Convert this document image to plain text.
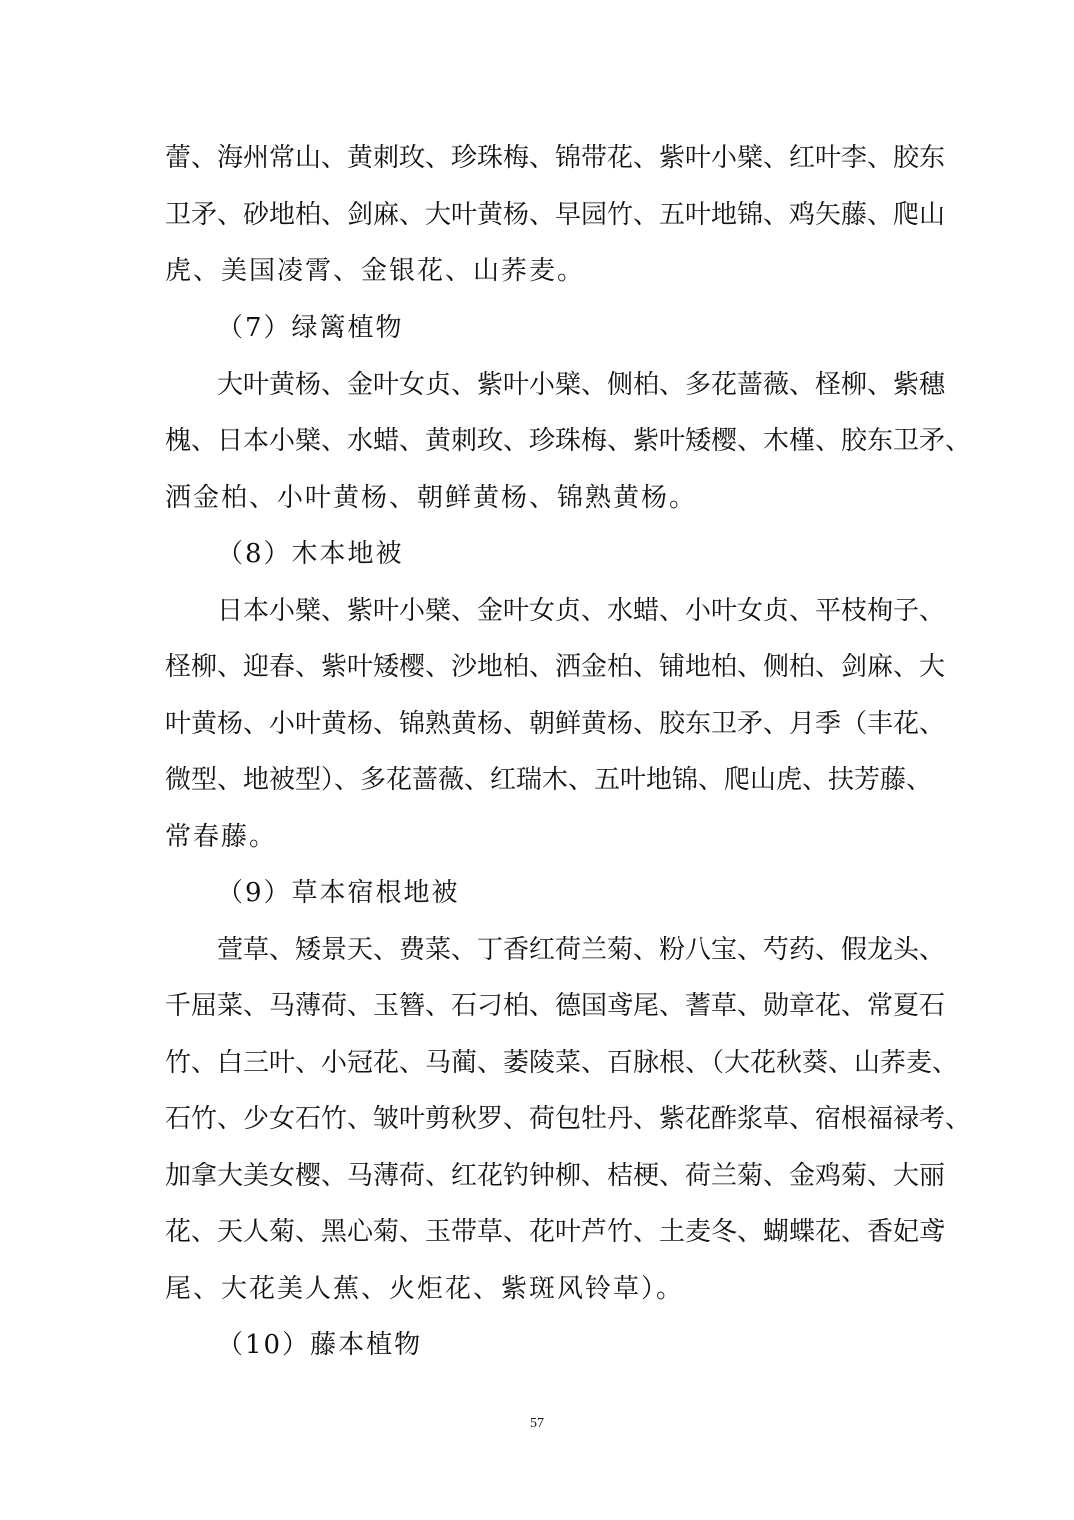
蕾、海州常山、黄刺玫、珍珠梅、锦带花、紫叶小檗、红叶李、胶东
卫矛、砂地柏、剑麻、大叶黄杨、早园竹、五叶地锦、鸡矢藤、爬山
虎、美国凌霄、金银花、山荞麦。
（7）绿篱植物
大叶黄杨、金叶女贞、紫叶小檗、侧柏、多花蔷薇、柽柳、紫穗
槐、日本小檗、水蜡、黄刺玫、珍珠梅、紫叶矮樱、木槿、胶东卫矛、
洒金柏、小叶黄杨、朝鲜黄杨、锦熟黄杨。
（8）木本地被
日本小檗、紫叶小檗、金叶女贞、水蜡、小叶女贞、平枝栒子、
柽柳、迎春、紫叶矮樱、沙地柏、洒金柏、铺地柏、侧柏、剑麻、大
叶黄杨、小叶黄杨、锦熟黄杨、朝鲜黄杨、胶东卫矛、月季（丰花、
微型、地被型）、多花蔷薇、红瑞木、五叶地锦、爬山虎、扶芳藤、
常春藤。
（9）草本宿根地被
萱草、矮景天、费菜、丁香红荷兰菊、粉八宝、芍药、假龙头、
千屈菜、马薄荷、玉簪、石刁柏、德国鸢尾、蓍草、勋章花、常夏石
竹、白三叶、小冠花、马蔺、萎陵菜、百脉根、（大花秋葵、山荞麦、
石竹、少女石竹、皱叶剪秋罗、荷包牡丹、紫花酢浆草、宿根福禄考、
加拿大美女樱、马薄荷、红花钓钟柳、桔梗、荷兰菊、金鸡菊、大丽
花、天人菊、黑心菊、玉带草、花叶芦竹、土麦冬、蝴蝶花、香妃鸢
尾、大花美人蕉、火炬花、紫斑风铃草）。
（10）藤本植物
57
